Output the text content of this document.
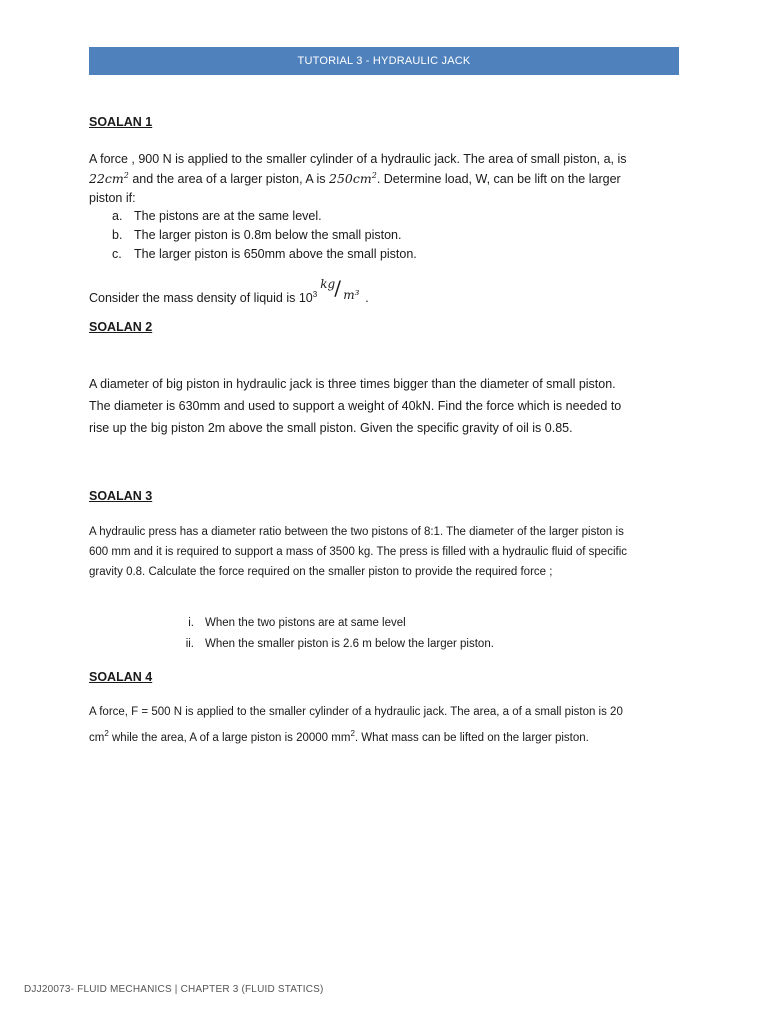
TUTORIAL 3 - HYDRAULIC JACK
SOALAN 1
A force , 900 N is applied to the smaller cylinder of a hydraulic jack. The area of small piston, a, is
$22cm^2$ and the area of a larger piston, A is $250cm^2$. Determine load, W, can be lift on the larger
piston if:
a. The pistons are at the same level.
b. The larger piston is 0.8m below the small piston.
c. The larger piston is 650mm above the small piston.
Consider the mass density of liquid is $10^3$
kg / m³ .
SOALAN 2
A diameter of big piston in hydraulic jack is three times bigger than the diameter of small piston.
The diameter is 630mm and used to support a weight of 40kN. Find the force which is needed to
rise up the big piston 2m above the small piston. Given the specific gravity of oil is 0.85.
SOALAN 3
A hydraulic press has a diameter ratio between the two pistons of 8:1. The diameter of the larger piston is
600 mm and it is required to support a mass of 3500 kg. The press is filled with a hydraulic fluid of specific
gravity 0.8. Calculate the force required on the smaller piston to provide the required force ;
i. When the two pistons are at same level
ii. When the smaller piston is 2.6 m below the larger piston.
SOALAN 4
A force, F = 500 N is applied to the smaller cylinder of a hydraulic jack. The area, a of a small piston is 20
$cm^2$ while the area, A of a large piston is 20000 $mm^2$. What mass can be lifted on the larger piston.
DJJ20073- FLUID MECHANICS | CHAPTER 3 (FLUID STATICS)
